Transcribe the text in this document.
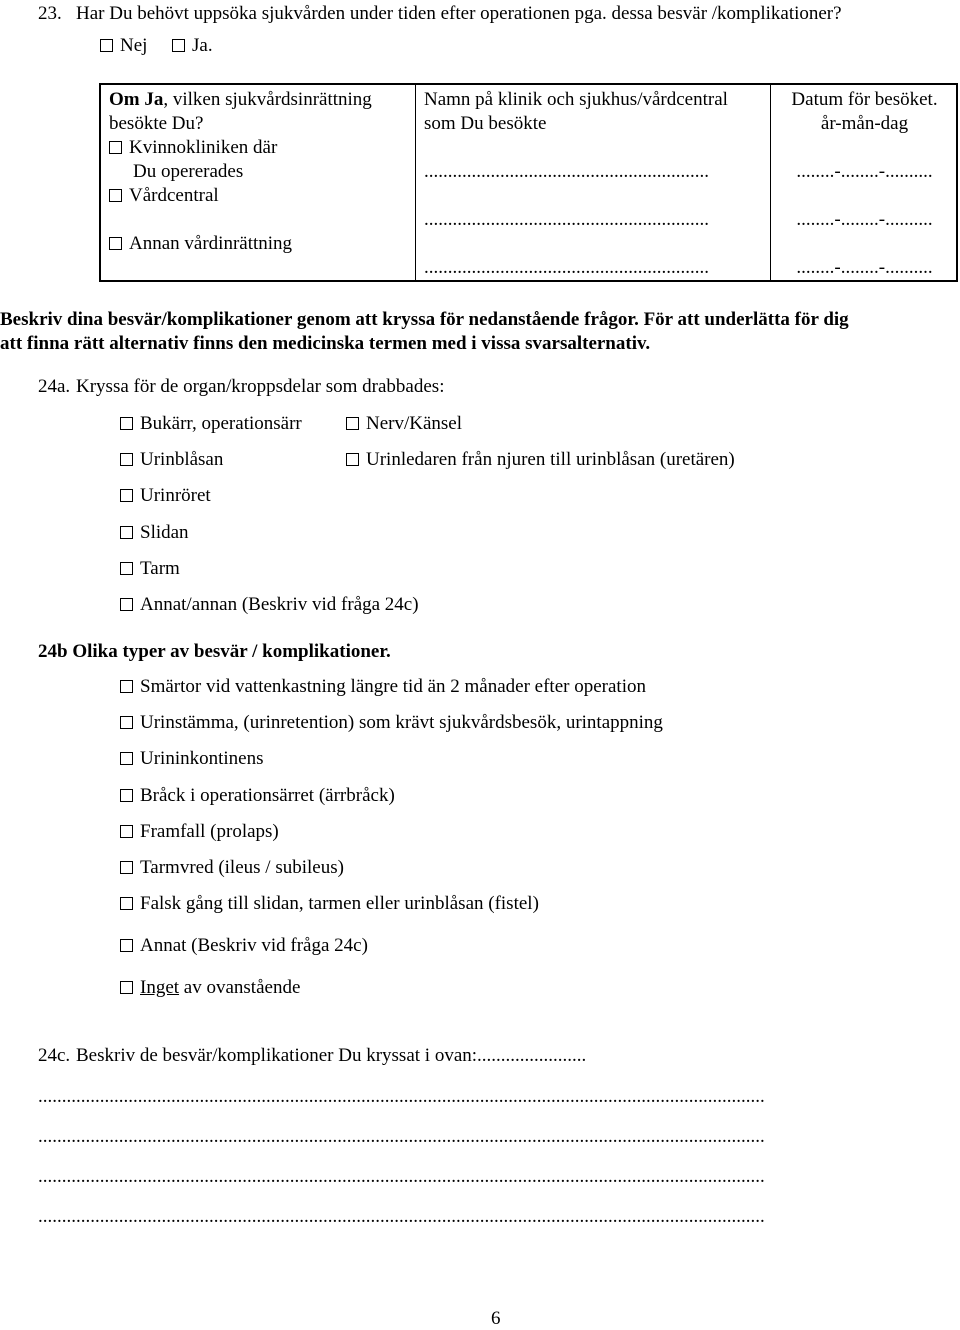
23. Har Du behövt uppsöka sjukvården under tiden efter operationen pga. dessa besvär /komplikationer?
Nej	Ja.
Om Ja, vilken sjukvårdsinrättning
besökte Du?
Kvinnokliniken där
Du opererades
Vårdcentral
Annan vårdinrättning

Namn på klinik och sjukhus/vårdcentral
som Du besökte
............................................................
............................................................
............................................................

Datum för besöket.
år-mån-dag
........-........-..........
........-........-..........
........-........-..........
Beskriv dina besvär/komplikationer genom att kryssa för nedanstående frågor. För att underlätta för dig
att finna rätt alternativ finns den medicinska termen med i vissa svarsalternativ.
24a. Kryssa för de organ/kroppsdelar som drabbades:
Bukärr, operationsärr
Urinblåsan
Urinröret
Slidan
Tarm
Annat/annan (Beskriv vid fråga 24c)
Nerv/Känsel
Urinledaren från njuren till urinblåsan (uretären)
24b Olika typer av besvär / komplikationer.
Smärtor vid vattenkastning längre tid än 2 månader efter operation
Urinstämma, (urinretention) som krävt sjukvårdsbesök, urintappning
Urininkontinens
Bråck i operationsärret (ärrbråck)
Framfall (prolaps)
Tarmvred (ileus / subileus)
Falsk gång till slidan, tarmen eller urinblåsan (fistel)
Annat (Beskriv vid fråga 24c)
Inget av ovanstående
24c. Beskriv de besvär/komplikationer Du kryssat i ovan:.......................
.........................................................................................................................................................
.........................................................................................................................................................
.........................................................................................................................................................
.........................................................................................................................................................
6
